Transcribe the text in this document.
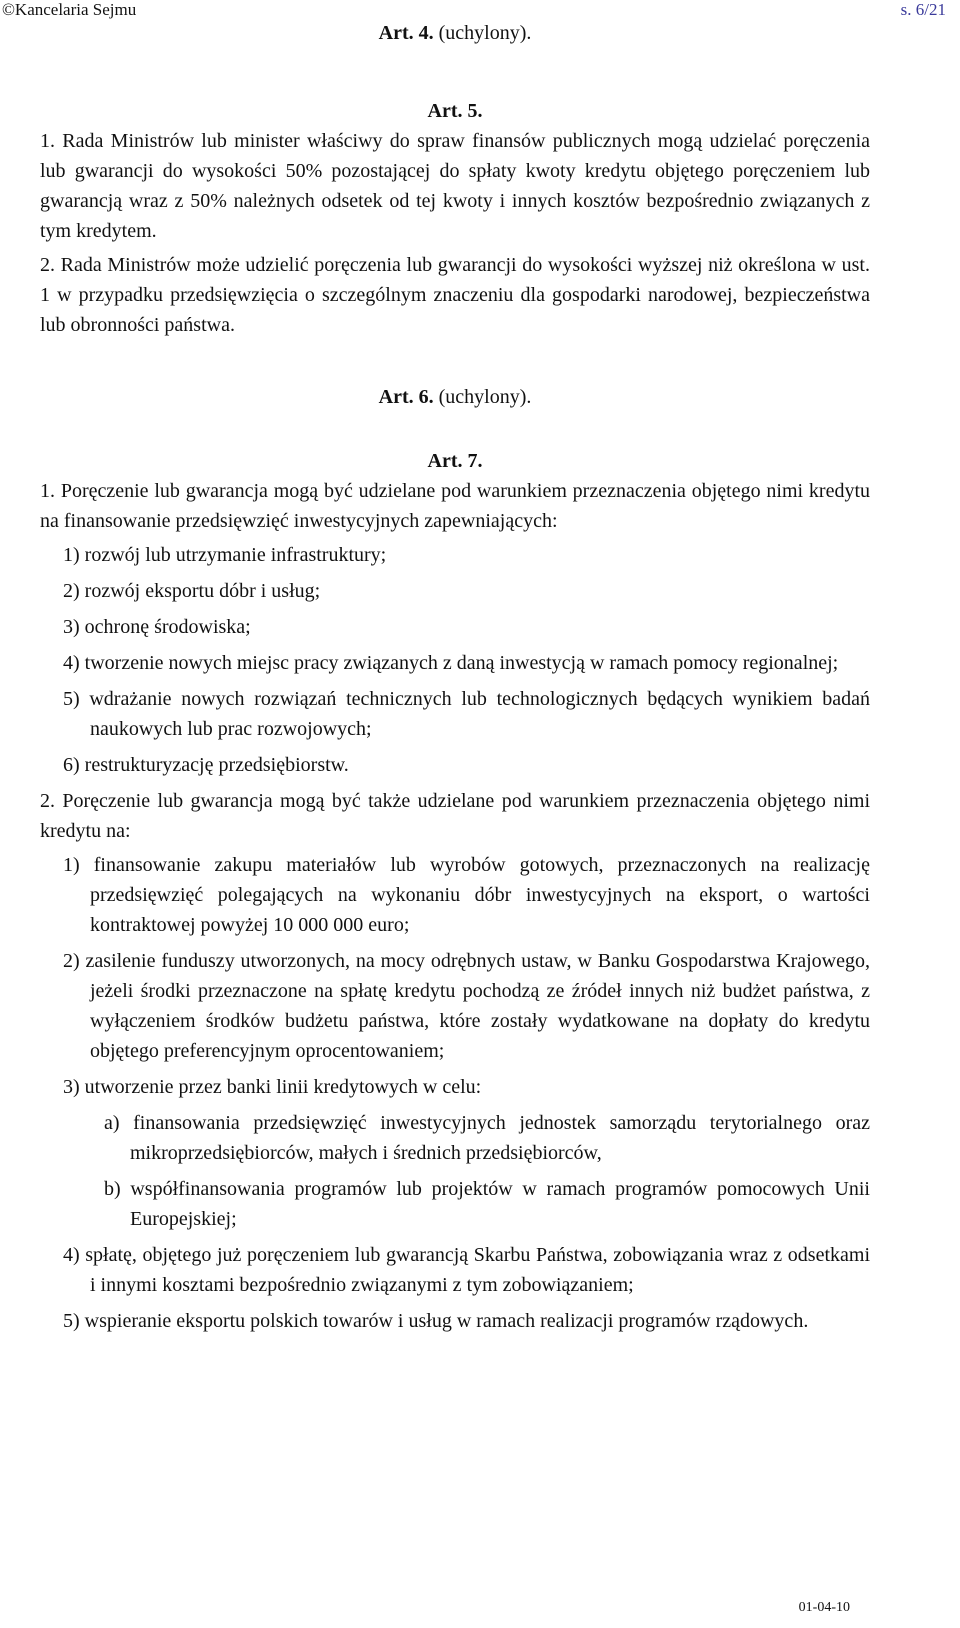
©Kancelaria Sejmu	s. 6/21
Art. 4. (uchylony).
Art. 5.

1. Rada Ministrów lub minister właściwy do spraw finansów publicznych mogą udzielać poręczenia lub gwarancji do wysokości 50% pozostającej do spłaty kwoty kredytu objętego poręczeniem lub gwarancją wraz z 50% należnych odsetek od tej kwoty i innych kosztów bezpośrednio związanych z tym kredytem.

2. Rada Ministrów może udzielić poręczenia lub gwarancji do wysokości wyższej niż określona w ust. 1 w przypadku przedsięwzięcia o szczególnym znaczeniu dla gospodarki narodowej, bezpieczeństwa lub obronności państwa.

Art. 6. (uchylony).
Art. 7.

1. Poręczenie lub gwarancja mogą być udzielane pod warunkiem przeznaczenia objętego nimi kredytu na finansowanie przedsięwzięć inwestycyjnych zapewniających:

1) rozwój lub utrzymanie infrastruktury;

2) rozwój eksportu dóbr i usług;

3) ochronę środowiska;

4) tworzenie nowych miejsc pracy związanych z daną inwestycją w ramach pomocy regionalnej;

5) wdrażanie nowych rozwiązań technicznych lub technologicznych będących wynikiem badań naukowych lub prac rozwojowych;

6) restrukturyzację przedsiębiorstw.

2. Poręczenie lub gwarancja mogą być także udzielane pod warunkiem przeznaczenia objętego nimi kredytu na:

1) finansowanie zakupu materiałów lub wyrobów gotowych, przeznaczonych na realizację przedsięwzięć polegających na wykonaniu dóbr inwestycyjnych na eksport, o wartości kontraktowej powyżej 10 000 000 euro;

2) zasilenie funduszy utworzonych, na mocy odrębnych ustaw, w Banku Gospodarstwa Krajowego, jeżeli środki przeznaczone na spłatę kredytu pochodzą ze źródeł innych niż budżet państwa, z wyłączeniem środków budżetu państwa, które zostały wydatkowane na dopłaty do kredytu objętego preferencyjnym oprocentowaniem;

3) utworzenie przez banki linii kredytowych w celu:

a) finansowania przedsięwzięć inwestycyjnych jednostek samorządu terytorialnego oraz mikroprzedsiębiorców, małych i średnich przedsiębiorców,

b) współfinansowania programów lub projektów w ramach programów pomocowych Unii Europejskiej;

4) spłatę, objętego już poręczeniem lub gwarancją Skarbu Państwa, zobowiązania wraz z odsetkami i innymi kosztami bezpośrednio związanymi z tym zobowiązaniem;

5) wspieranie eksportu polskich towarów i usług w ramach realizacji programów rządowych.

01-04-10
